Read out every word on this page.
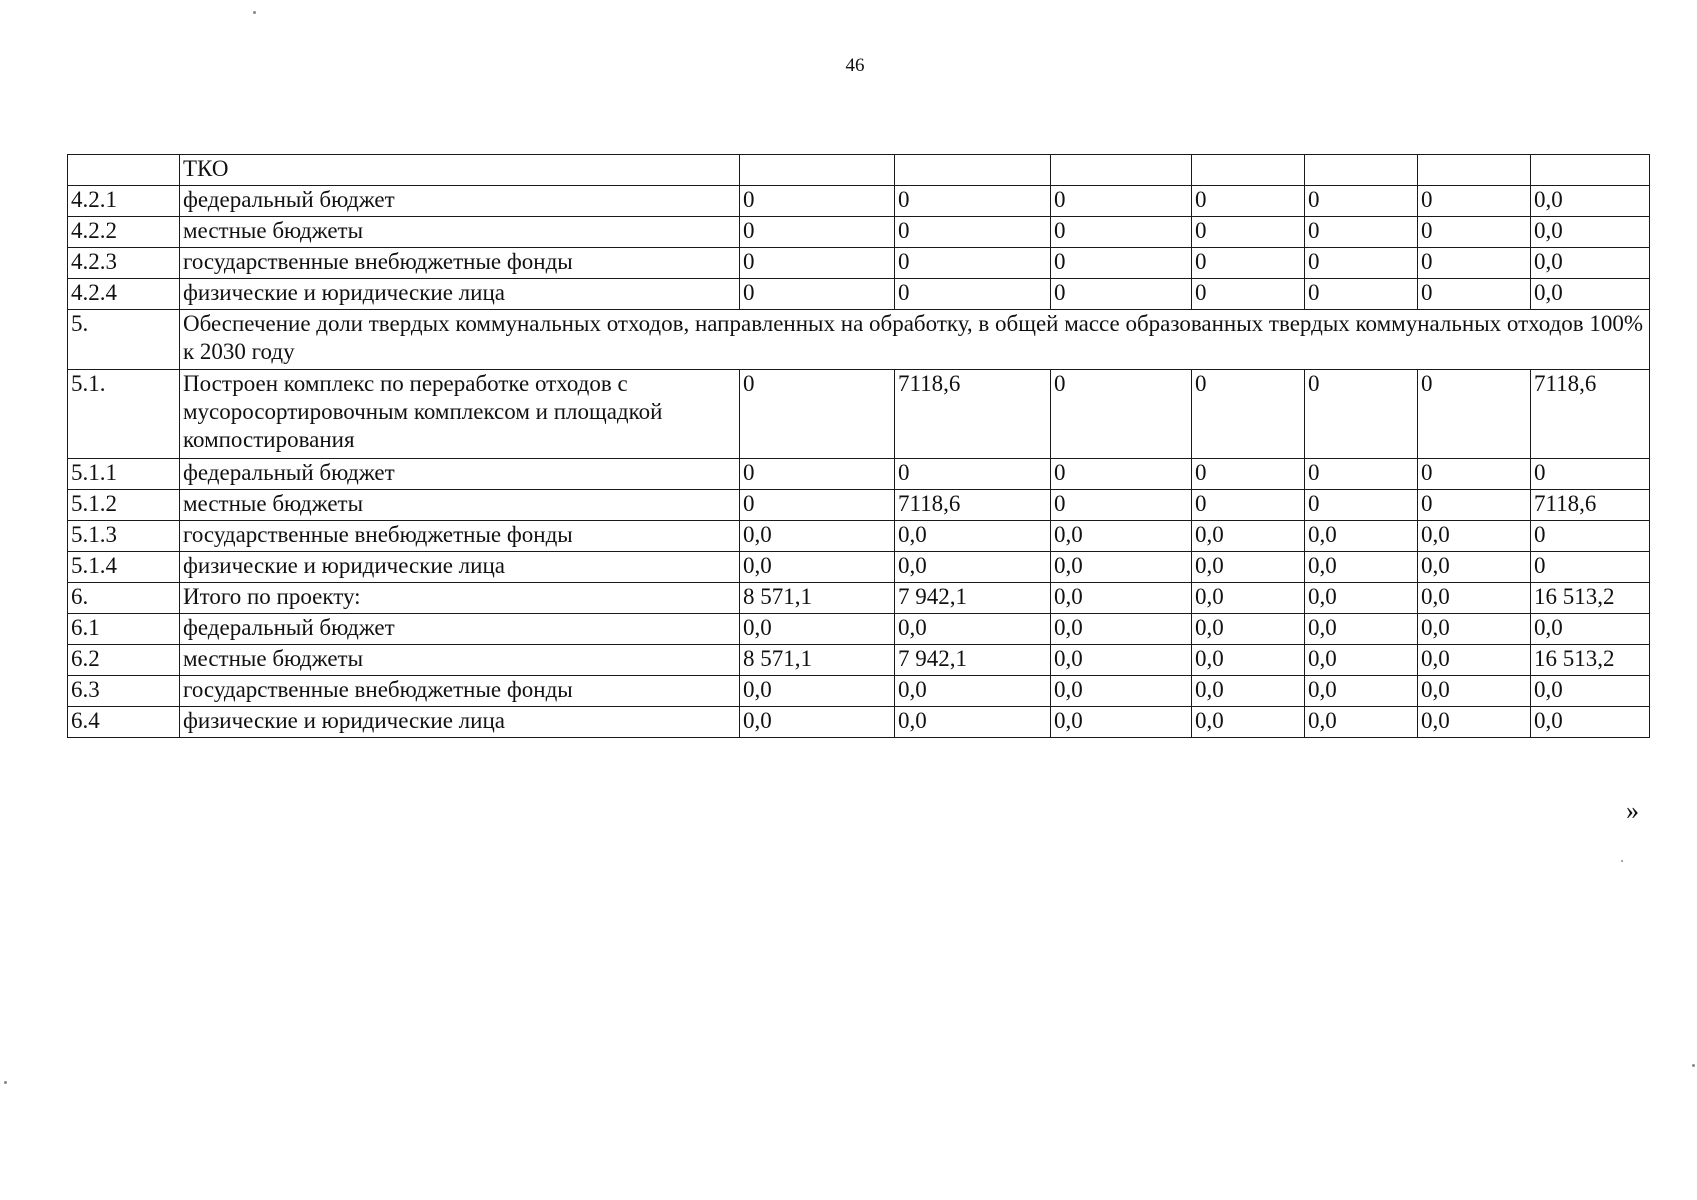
46
	ТКО							
4.2.1	федеральный бюджет	0	0	0	0	0	0	0,0
4.2.2	местные бюджеты	0	0	0	0	0	0	0,0
4.2.3	государственные внебюджетные фонды	0	0	0	0	0	0	0,0
4.2.4	физические и юридические лица	0	0	0	0	0	0	0,0
5.	Обеспечение доли твердых коммунальных отходов, направленных на обработку, в общей массе образованных твердых коммунальных отходов 100% к 2030 году							
5.1.	Построен комплекс по переработке отходов с мусоросортировочным комплексом и площадкой компостирования	0	7118,6	0	0	0	0	7118,6
5.1.1	федеральный бюджет	0	0	0	0	0	0	0
5.1.2	местные бюджеты	0	7118,6	0	0	0	0	7118,6
5.1.3	государственные внебюджетные фонды	0,0	0,0	0,0	0,0	0,0	0,0	0
5.1.4	физические и юридические лица	0,0	0,0	0,0	0,0	0,0	0,0	0
6.	Итого по проекту:	8 571,1	7 942,1	0,0	0,0	0,0	0,0	16 513,2
6.1	федеральный бюджет	0,0	0,0	0,0	0,0	0,0	0,0	0,0
6.2	местные бюджеты	8 571,1	7 942,1	0,0	0,0	0,0	0,0	16 513,2
6.3	государственные внебюджетные фонды	0,0	0,0	0,0	0,0	0,0	0,0	0,0
6.4	физические и юридические лица	0,0	0,0	0,0	0,0	0,0	0,0	0,0
»
